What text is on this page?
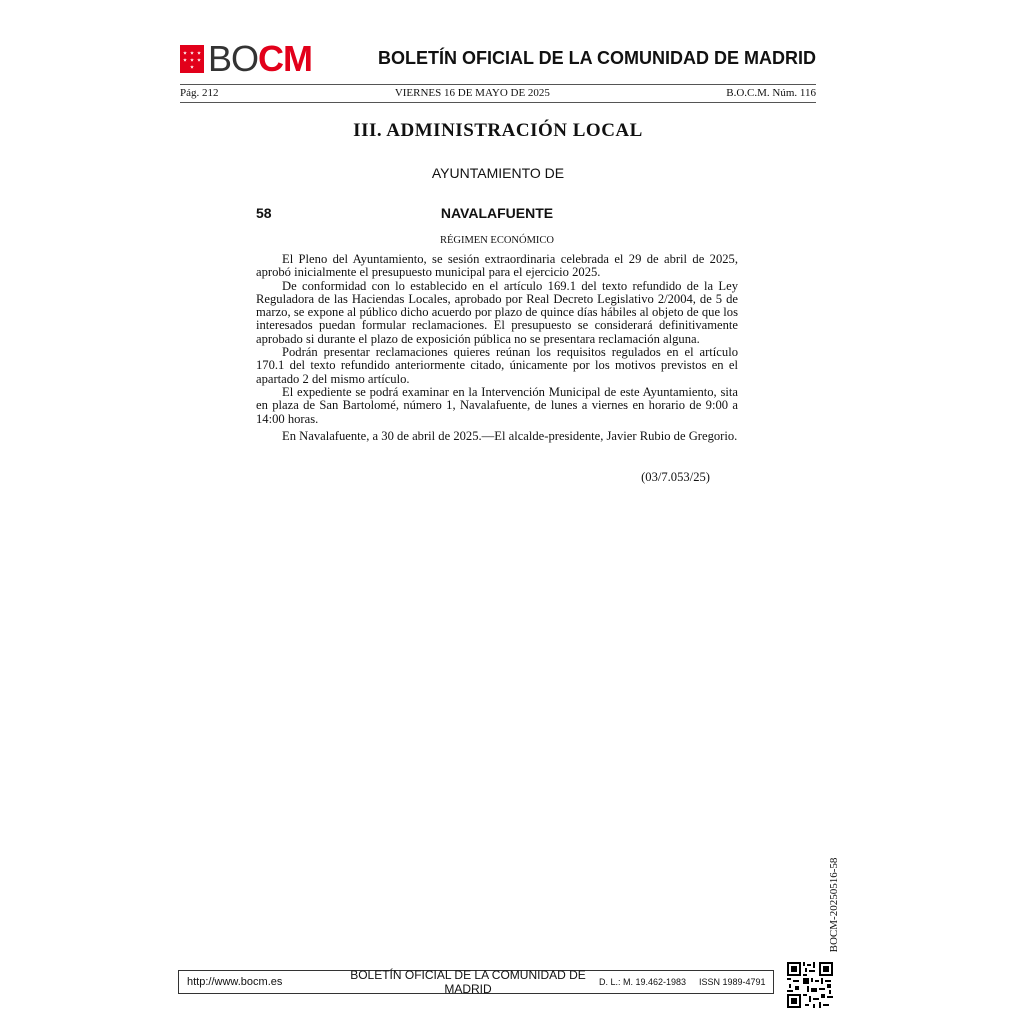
BOCM	BOLETÍN OFICIAL DE LA COMUNIDAD DE MADRID
Pág. 212	VIERNES 16 DE MAYO DE 2025	B.O.C.M. Núm. 116
III. ADMINISTRACIÓN LOCAL
AYUNTAMIENTO DE
58	NAVALAFUENTE
RÉGIMEN ECONÓMICO

El Pleno del Ayuntamiento, se sesión extraordinaria celebrada el 29 de abril de 2025, aprobó inicialmente el presupuesto municipal para el ejercicio 2025.

De conformidad con lo establecido en el artículo 169.1 del texto refundido de la Ley Reguladora de las Haciendas Locales, aprobado por Real Decreto Legislativo 2/2004, de 5 de marzo, se expone al público dicho acuerdo por plazo de quince días hábiles al objeto de que los interesados puedan formular reclamaciones. El presupuesto se considerará definitivamente aprobado si durante el plazo de exposición pública no se presentara reclamación alguna.

Podrán presentar reclamaciones quieres reúnan los requisitos regulados en el artículo 170.1 del texto refundido anteriormente citado, únicamente por los motivos previstos en el apartado 2 del mismo artículo.

El expediente se podrá examinar en la Intervención Municipal de este Ayuntamiento, sita en plaza de San Bartolomé, número 1, Navalafuente, de lunes a viernes en horario de 9:00 a 14:00 horas.

En Navalafuente, a 30 de abril de 2025.—El alcalde-presidente, Javier Rubio de Gregorio.

(03/7.053/25)
BOCM-20250516-58
http://www.bocm.es	BOLETÍN OFICIAL DE LA COMUNIDAD DE MADRID	D. L.: M. 19.462-1983	ISSN 1989-4791
